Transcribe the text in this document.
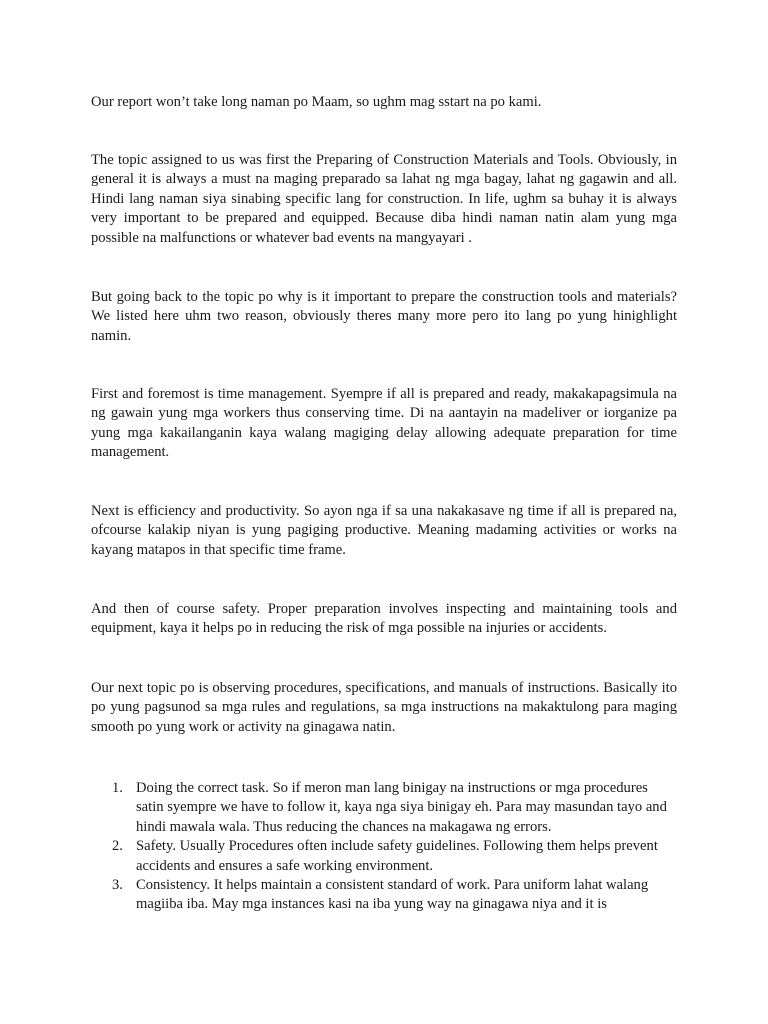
Our report won’t take long naman po Maam, so ughm mag sstart na po kami.

The topic assigned to us was first the Preparing of Construction Materials and Tools. Obviously, in general it is always a must na maging preparado sa lahat ng mga bagay, lahat ng gagawin and all. Hindi lang naman siya sinabing specific lang for construction. In life, ughm sa buhay it is always very important to be prepared and equipped. Because diba hindi naman natin alam yung mga possible na malfunctions or whatever bad events na mangyayari .

But going back to the topic po why is it important to prepare the construction tools and materials? We listed here uhm two reason, obviously theres many more pero ito lang po yung hinighlight namin.

First and foremost is time management. Syempre if all is prepared and ready, makakapagsimula na ng gawain yung mga workers thus conserving time. Di na aantayin na madeliver or iorganize pa yung mga kakailanganin kaya walang magiging delay allowing adequate preparation for time management.

Next is efficiency and productivity. So ayon nga if sa una nakakasave ng time if all is prepared na, ofcourse kalakip niyan is yung pagiging productive. Meaning madaming activities or works na kayang matapos in that specific time frame.

And then of course safety. Proper preparation involves inspecting and maintaining tools and equipment, kaya it helps po in reducing the risk of mga possible na injuries or accidents.

Our next topic po is observing procedures, specifications, and manuals of instructions. Basically ito po yung pagsunod sa mga rules and regulations, sa mga instructions na makaktulong para maging smooth po yung work or activity na ginagawa natin.

1. Doing the correct task. So if meron man lang binigay na instructions or mga procedures satin syempre we have to follow it, kaya nga siya binigay eh. Para may masundan tayo and hindi mawala wala. Thus reducing the chances na makagawa ng errors.
2. Safety. Usually Procedures often include safety guidelines. Following them helps prevent accidents and ensures a safe working environment.
3. Consistency. It helps maintain a consistent standard of work. Para uniform lahat walang magiiba iba. May mga instances kasi na iba yung way na ginagawa niya and it is
